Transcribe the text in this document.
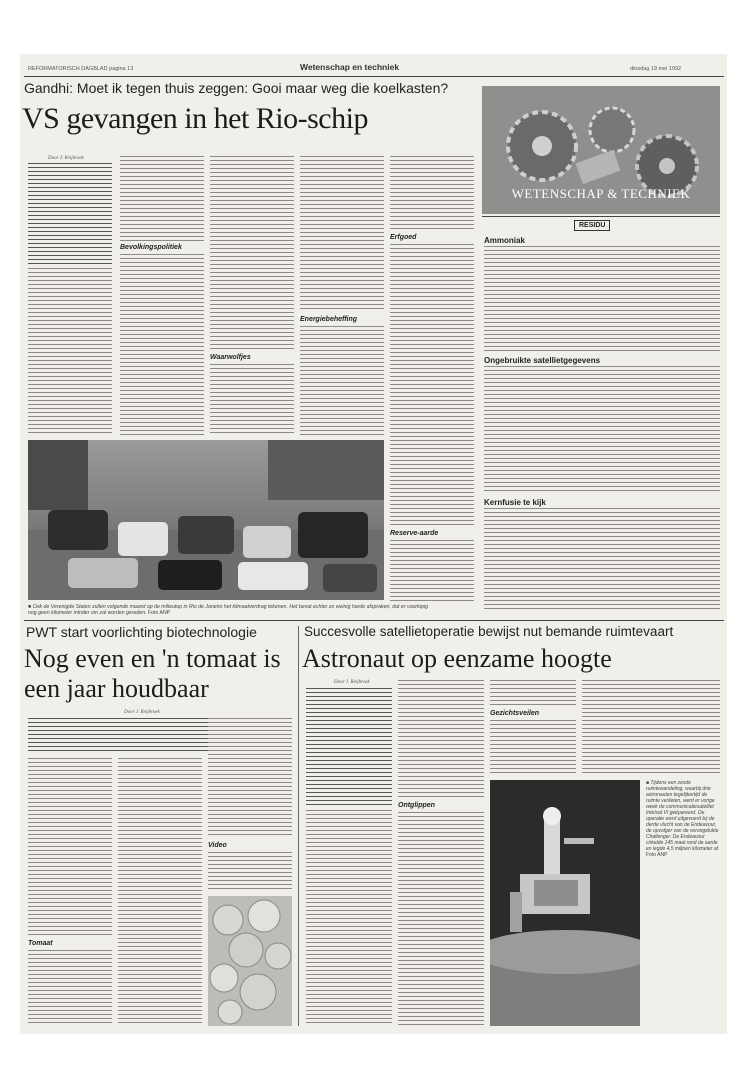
REFORMATORISCH DAGBLAD pagina 13	Wetenschap en techniek	dinsdag 19 mei 1992
Gandhi: Moet ik tegen thuis zeggen: Gooi maar weg die koelkasten?
VS gevangen in het Rio-schip
Door J. Reijbroek
Bevolkingspolitiek
Waarwolfjes
Energiebeheffing
Erfgoed
Reserve-aarde
■ Ook de Verenigde Staten zullen volgende maand op de milieutop in Rio de Janeiro het klimaatverdrag tekenen. Het bevat echter zo weinig harde afspraken, dat er voorlopig nog geen kilometer minder om zal worden gereden. Foto ANP
WETENSCHAP & TECHNIEK
RESIDU
Ammoniak
Ongebruikte satellietgegevens
Kernfusie te kijk
PWT start voorlichting biotechnologie
Nog even en 'n tomaat is een jaar houdbaar
Door J. Reijbroek
Tomaat
Video
Succesvolle satellietoperatie bewijst nut bemande ruimtevaart
Astronaut op eenzame hoogte
Door J. Reijbroek
Ontglippen
Gezichtsveilen
■ Tijdens een zesde ruimtewandeling, waarbij drie astronauten tegelijkertijd de ruimte verlieten, werd er vorige week de communicatiesatelliet Intelsat VI geëpareerd. De operatie werd uitgevoerd bij de derde vlucht van de Endeavour, de opvolger van de verongelukte Challenger. De Endeavour cirkelde 145 maal rond de aarde en legde 4,5 miljoen kilometer af. Foto ANP
